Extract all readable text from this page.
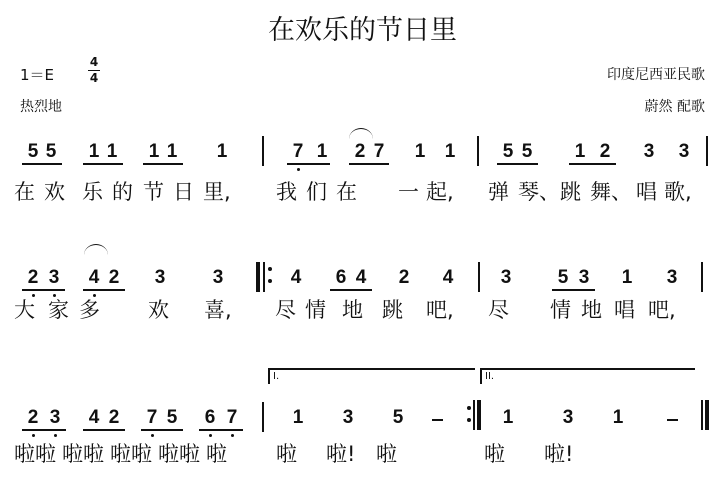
在欢乐的节日里
1＝E
4
4
热烈地
印度尼西亚民歌
蔚然 配歌
5 5 1 1 1 1 1	7 1 2 7 1 1 5 5 1 2 3 3
在 欢 乐 的 节 日 里, 我 们 在 一 起, 弹 琴、 跳 舞、 唱 歌,
2 3 4 2 3 3	4 6 4 2 4 3 5 3 1 3
大 家 多 欢 喜, 尽 情 地 跳 吧, 尽 情 地 唱 吧,
2 3 4 2 7 5 6 7	1 3 5	1	3 1
啦啦 啦啦 啦啦 啦啦 啦 啦 啦! 啦	啦 啦!
I.	II.
